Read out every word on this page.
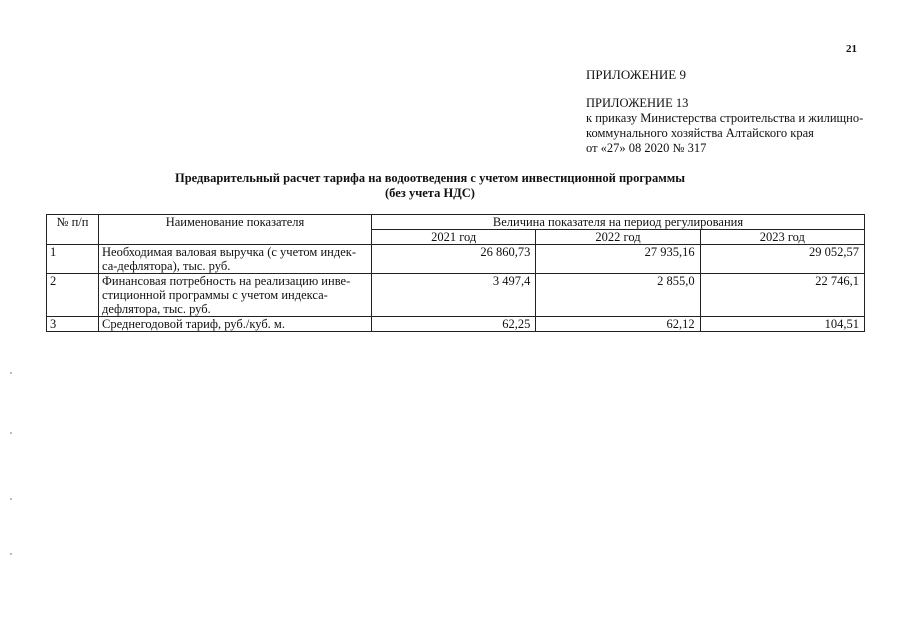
21
ПРИЛОЖЕНИЕ 9
ПРИЛОЖЕНИЕ 13
к приказу Министерства строительства и жилищно-
коммунального хозяйства Алтайского края
от «27» 08 2020 № 317
Предварительный расчет тарифа на водоотведения с учетом инвестиционной программы
(без учета НДС)
№ п/п	Наименование показателя	Величина показателя на период регулирования		
		2021 год	2022 год	2023 год
1	Необходимая валовая выручка (с учетом индек-са-дефлятора), тыс. руб.	26 860,73	27 935,16	29 052,57
2	Финансовая потребность на реализацию инве-стиционной программы с учетом индекса-дефлятора, тыс. руб.	3 497,4	2 855,0	22 746,1
3	Среднегодовой тариф, руб./куб. м.	62,25	62,12	104,51
